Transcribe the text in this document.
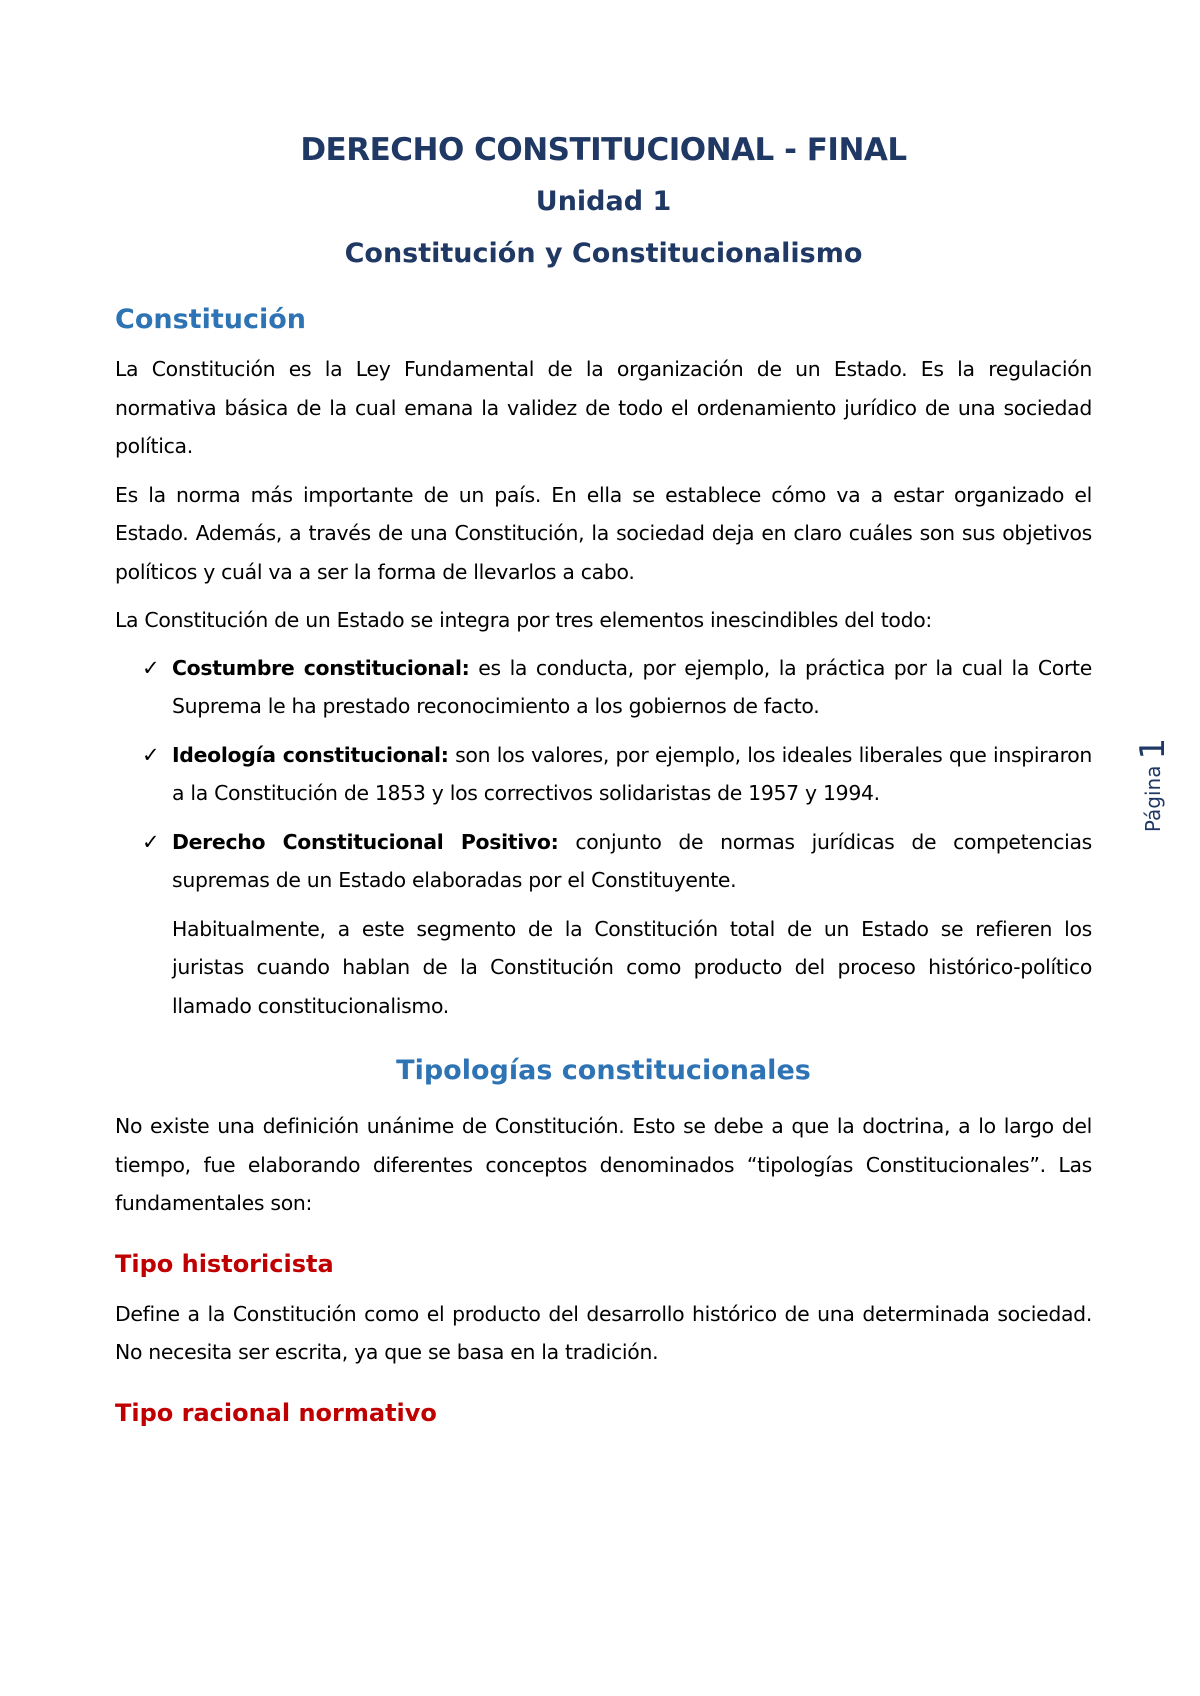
DERECHO CONSTITUCIONAL - FINAL
Unidad 1
Constitución y Constitucionalismo
Constitución

La Constitución es la Ley Fundamental de la organización de un Estado. Es la regulación normativa básica de la cual emana la validez de todo el ordenamiento jurídico de una sociedad política.

Es la norma más importante de un país. En ella se establece cómo va a estar organizado el Estado. Además, a través de una Constitución, la sociedad deja en claro cuáles son sus objetivos políticos y cuál va a ser la forma de llevarlos a cabo.

La Constitución de un Estado se integra por tres elementos inescindibles del todo:

✓ Costumbre constitucional: es la conducta, por ejemplo, la práctica por la cual la Corte Suprema le ha prestado reconocimiento a los gobiernos de facto.
✓ Ideología constitucional: son los valores, por ejemplo, los ideales liberales que inspiraron a la Constitución de 1853 y los correctivos solidaristas de 1957 y 1994.
✓ Derecho Constitucional Positivo: conjunto de normas jurídicas de competencias supremas de un Estado elaboradas por el Constituyente.

Habitualmente, a este segmento de la Constitución total de un Estado se refieren los juristas cuando hablan de la Constitución como producto del proceso histórico-político llamado constitucionalismo.

Tipologías constitucionales

No existe una definición unánime de Constitución. Esto se debe a que la doctrina, a lo largo del tiempo, fue elaborando diferentes conceptos denominados “tipologías Constitucionales”. Las fundamentales son:

Tipo historicista

Define a la Constitución como el producto del desarrollo histórico de una determinada sociedad. No necesita ser escrita, ya que se basa en la tradición.

Tipo racional normativo
Página1
